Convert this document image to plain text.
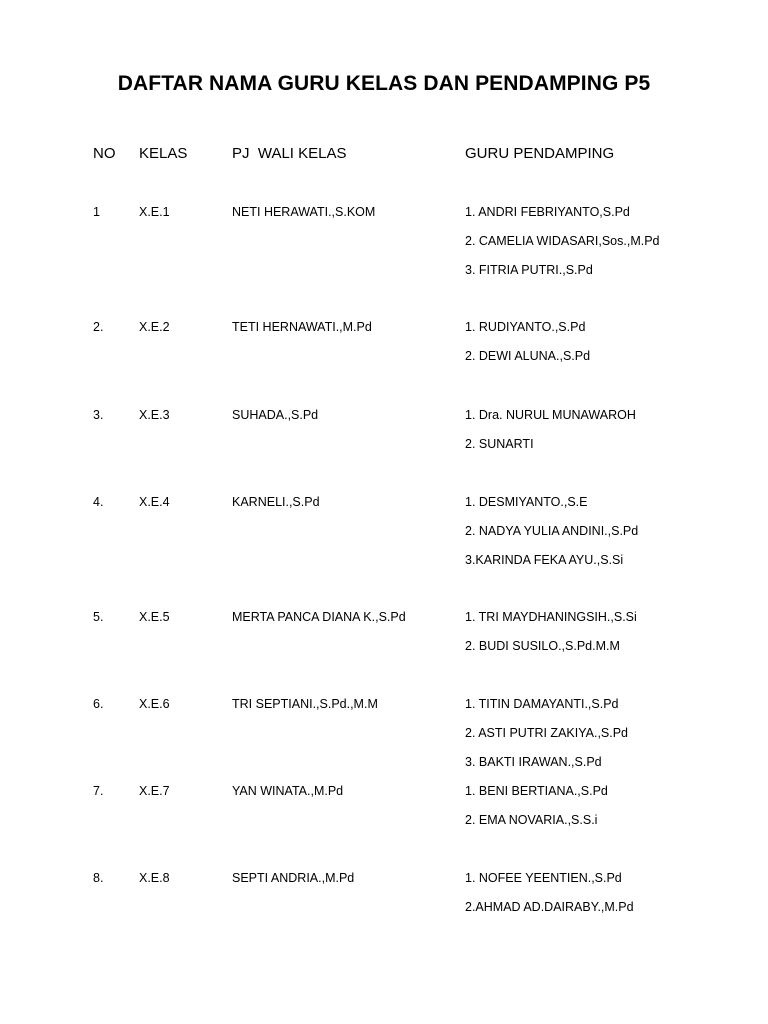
DAFTAR NAMA GURU KELAS DAN PENDAMPING P5
NO KELAS	PJ  WALI KELAS	GURU PENDAMPING
1	X.E.1	NETI HERAWATI.,S.KOM	1. ANDRI FEBRIYANTO,S.Pd
2. CAMELIA WIDASARI,Sos.,M.Pd
3. FITRIA PUTRI.,S.Pd
2.	X.E.2	TETI HERNAWATI.,M.Pd	1. RUDIYANTO.,S.Pd
2. DEWI ALUNA.,S.Pd
3.	X.E.3	SUHADA.,S.Pd	1. Dra. NURUL MUNAWAROH
2. SUNARTI
4.	X.E.4	KARNELI.,S.Pd	1. DESMIYANTO.,S.E
2. NADYA YULIA ANDINI.,S.Pd
3.KARINDA FEKA AYU.,S.Si
5.	X.E.5	MERTA PANCA DIANA K.,S.Pd	1. TRI MAYDHANINGSIH.,S.Si
2. BUDI SUSILO.,S.Pd.M.M
6.	X.E.6	TRI SEPTIANI.,S.Pd.,M.M	1. TITIN DAMAYANTI.,S.Pd
2. ASTI PUTRI ZAKIYA.,S.Pd
3. BAKTI IRAWAN.,S.Pd
7.	X.E.7	YAN WINATA.,M.Pd	1. BENI BERTIANA.,S.Pd
2. EMA NOVARIA.,S.S.i
8.	X.E.8	SEPTI ANDRIA.,M.Pd	1. NOFEE YEENTIEN.,S.Pd
2.AHMAD AD.DAIRABY.,M.Pd
